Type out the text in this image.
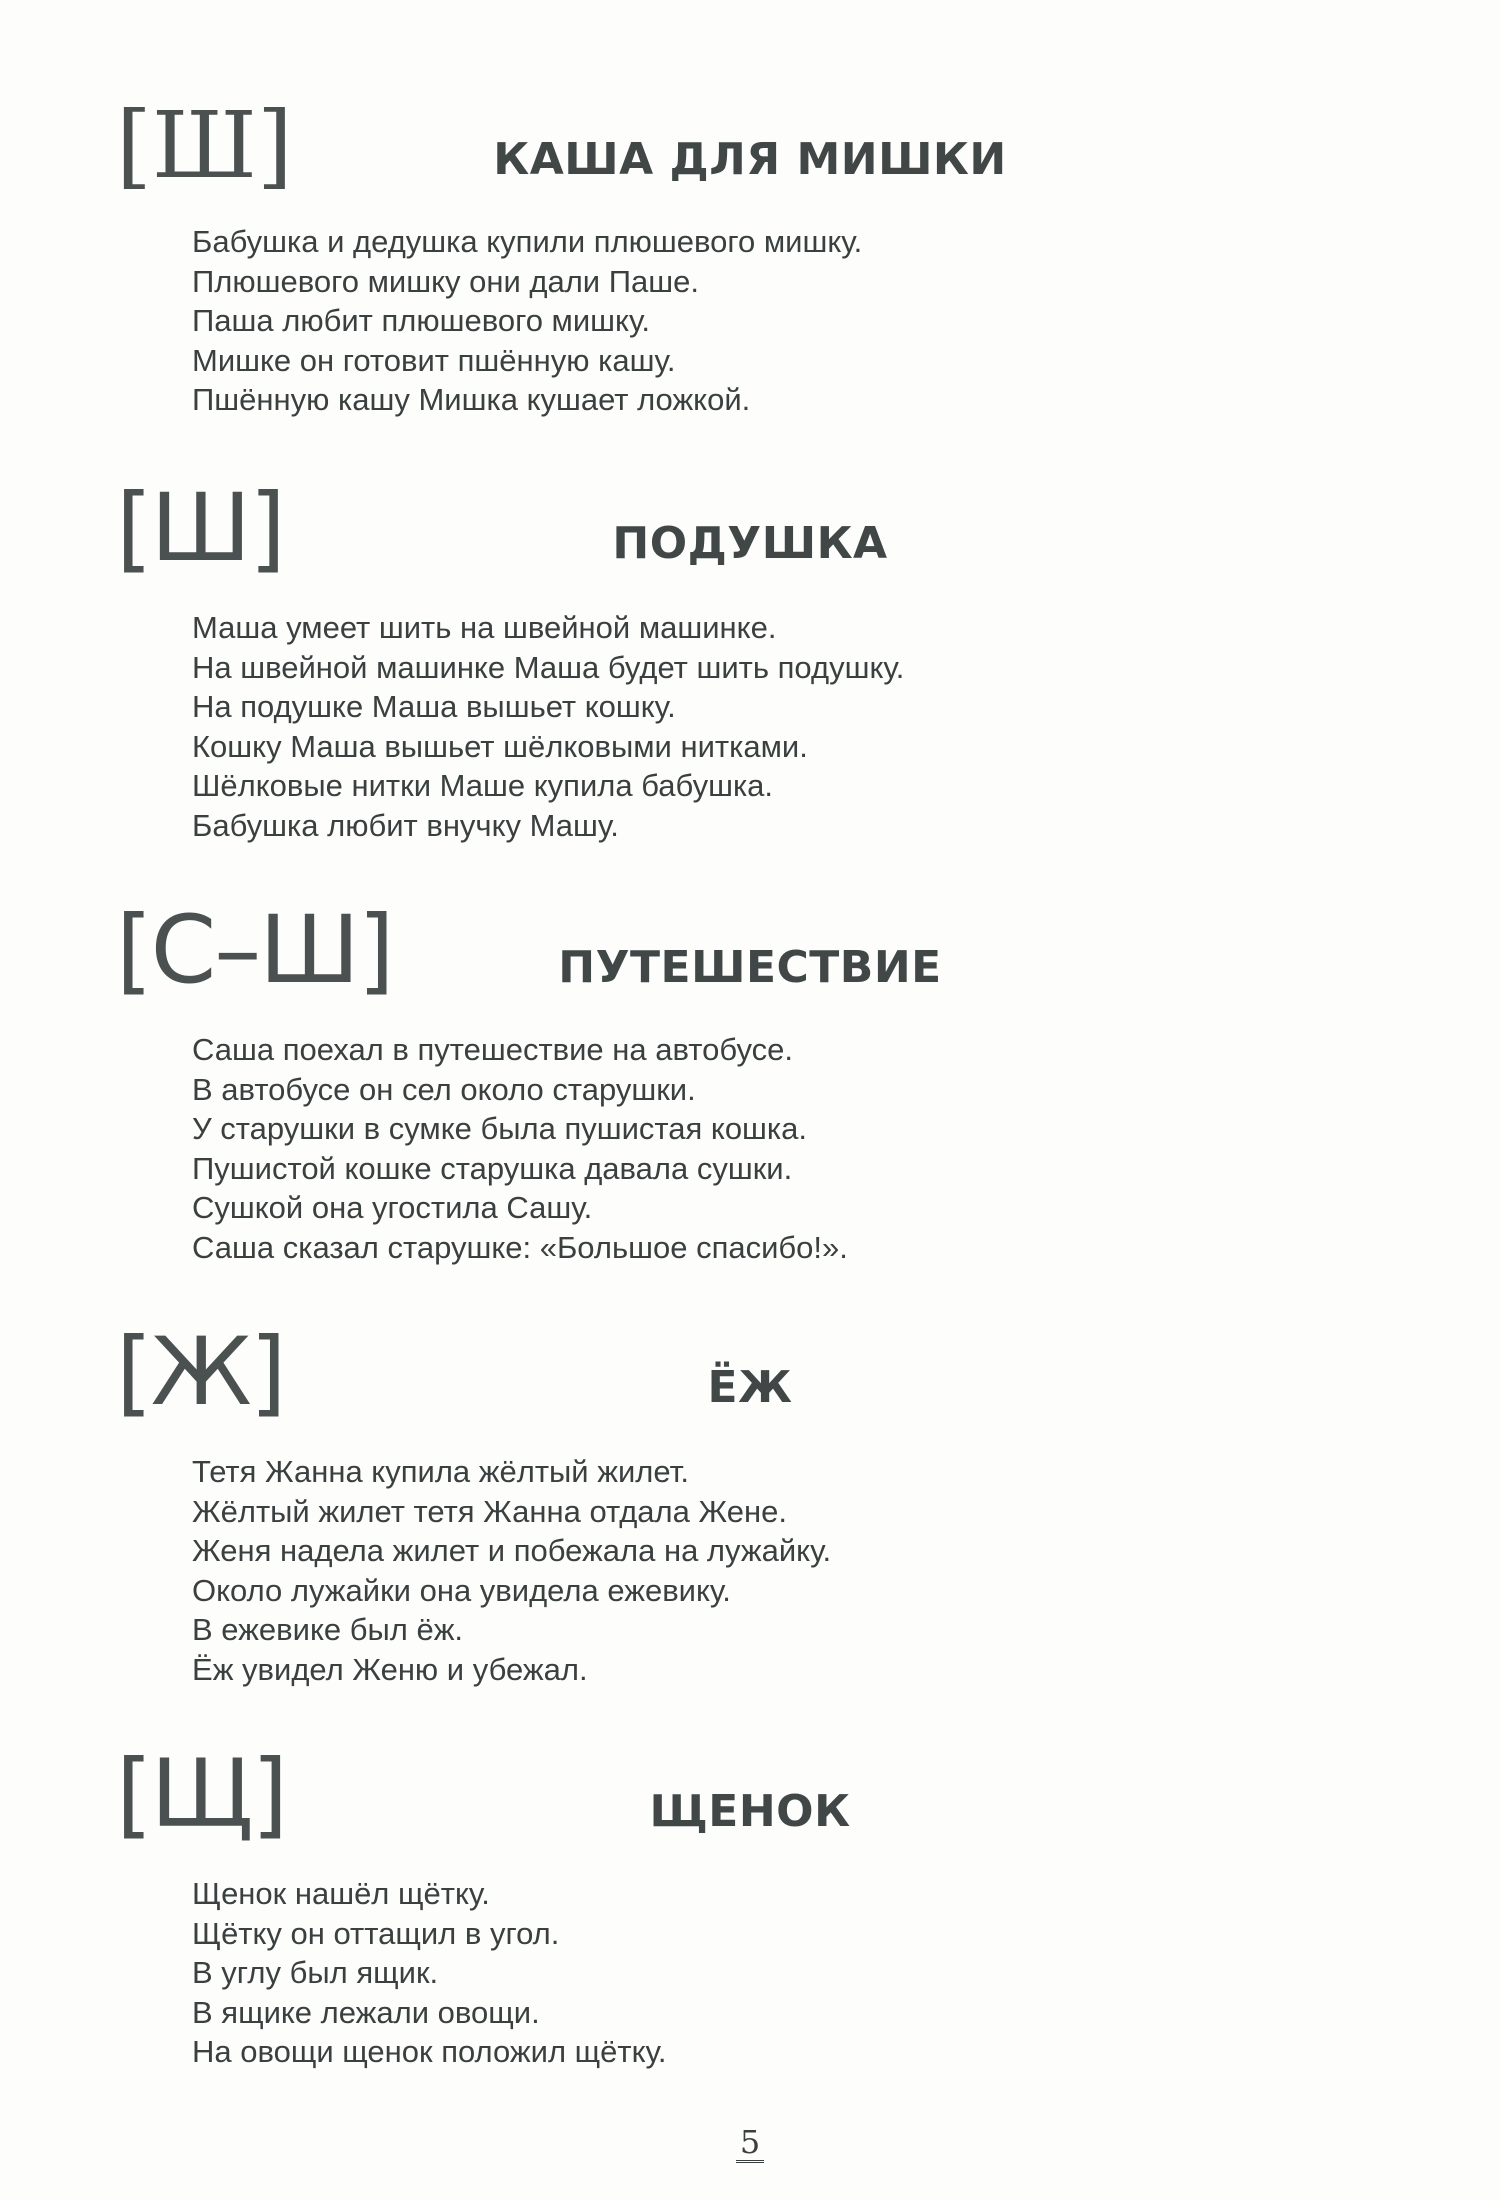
[Ш]	КАША ДЛЯ МИШКИ
Бабушка и дедушка купили плюшевого мишку.
Плюшевого мишку они дали Паше.
Паша любит плюшевого мишку.
Мишке он готовит пшённую кашу.
Пшённую кашу Мишка кушает ложкой.
[Ш]	ПОДУШКА
Маша умеет шить на швейной машинке.
На швейной машинке Маша будет шить подушку.
На подушке Маша вышьет кошку.
Кошку Маша вышьет шёлковыми нитками.
Шёлковые нитки Маше купила бабушка.
Бабушка любит внучку Машу.
[С–Ш]	ПУТЕШЕСТВИЕ
Саша поехал в путешествие на автобусе.
В автобусе он сел около старушки.
У старушки в сумке была пушистая кошка.
Пушистой кошке старушка давала сушки.
Сушкой она угостила Сашу.
Саша сказал старушке: «Большое спасибо!».
[Ж]	ЁЖ
Тетя Жанна купила жёлтый жилет.
Жёлтый жилет тетя Жанна отдала Жене.
Женя надела жилет и побежала на лужайку.
Около лужайки она увидела ежевику.
В ежевике был ёж.
Ёж увидел Женю и убежал.
[Щ]	ЩЕНОК
Щенок нашёл щётку.
Щётку он оттащил в угол.
В углу был ящик.
В ящике лежали овощи.
На овощи щенок положил щётку.
5
